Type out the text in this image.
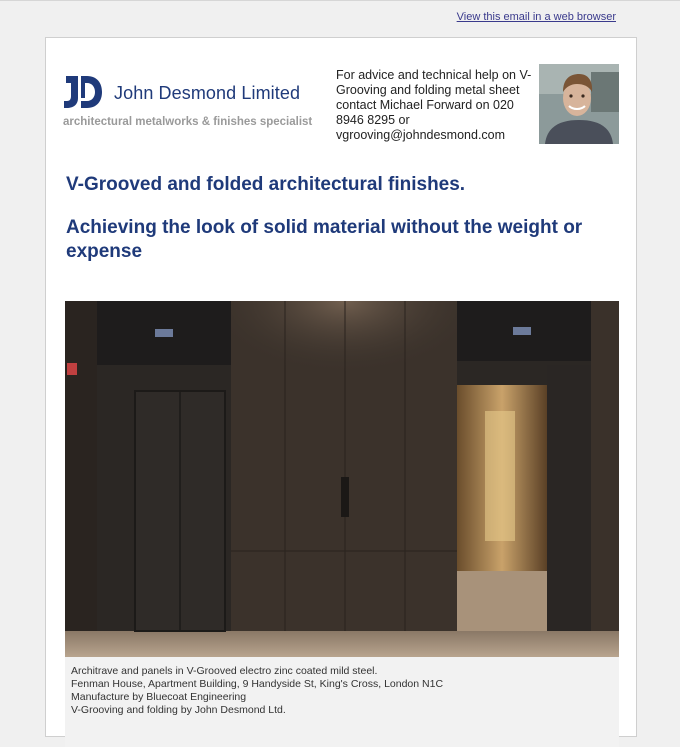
View this email in a web browser
John Desmond Limited
architectural metalworks & finishes specialist
For advice and technical help on V-Grooving and folding metal sheet contact Michael Forward on 020 8946 8295 or vgrooving@johndesmond.com
V-Grooved and folded architectural finishes.
Achieving the look of solid material without the weight or expense
Architrave and panels in V-Grooved electro zinc coated mild steel.
Fenman House, Apartment Building, 9 Handyside St, King's Cross, London N1C
Manufacture by Bluecoat Engineering
V-Grooving and folding by John Desmond Ltd.
